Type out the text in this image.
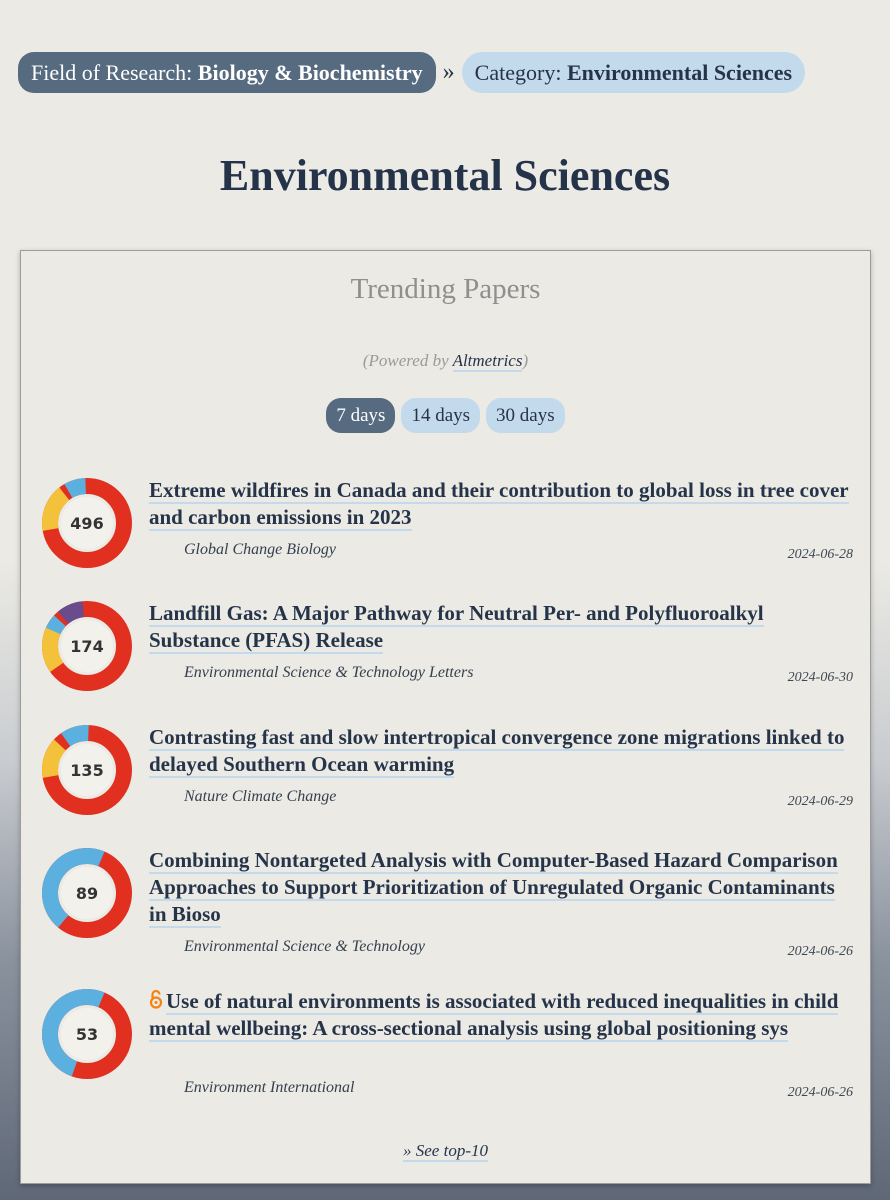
Field of Research: Biology & Biochemistry » Category: Environmental Sciences
Environmental Sciences
Trending Papers
(Powered by Altmetrics)
7 days	14 days	30 days
496
Extreme wildfires in Canada and their contribution to global loss in tree cover and carbon emissions in 2023
Global Change Biology	2024-06-28
174
Landfill Gas: A Major Pathway for Neutral Per- and Polyfluoroalkyl Substance (PFAS) Release
Environmental Science & Technology Letters	2024-06-30
135
Contrasting fast and slow intertropical convergence zone migrations linked to delayed Southern Ocean warming
Nature Climate Change	2024-06-29
89
Combining Nontargeted Analysis with Computer-Based Hazard Comparison Approaches to Support Prioritization of Unregulated Organic Contaminants in Bioso
Environmental Science & Technology	2024-06-26
53
Use of natural environments is associated with reduced inequalities in child mental wellbeing: A cross-sectional analysis using global positioning sys
Environment International	2024-06-26
» See top-10
